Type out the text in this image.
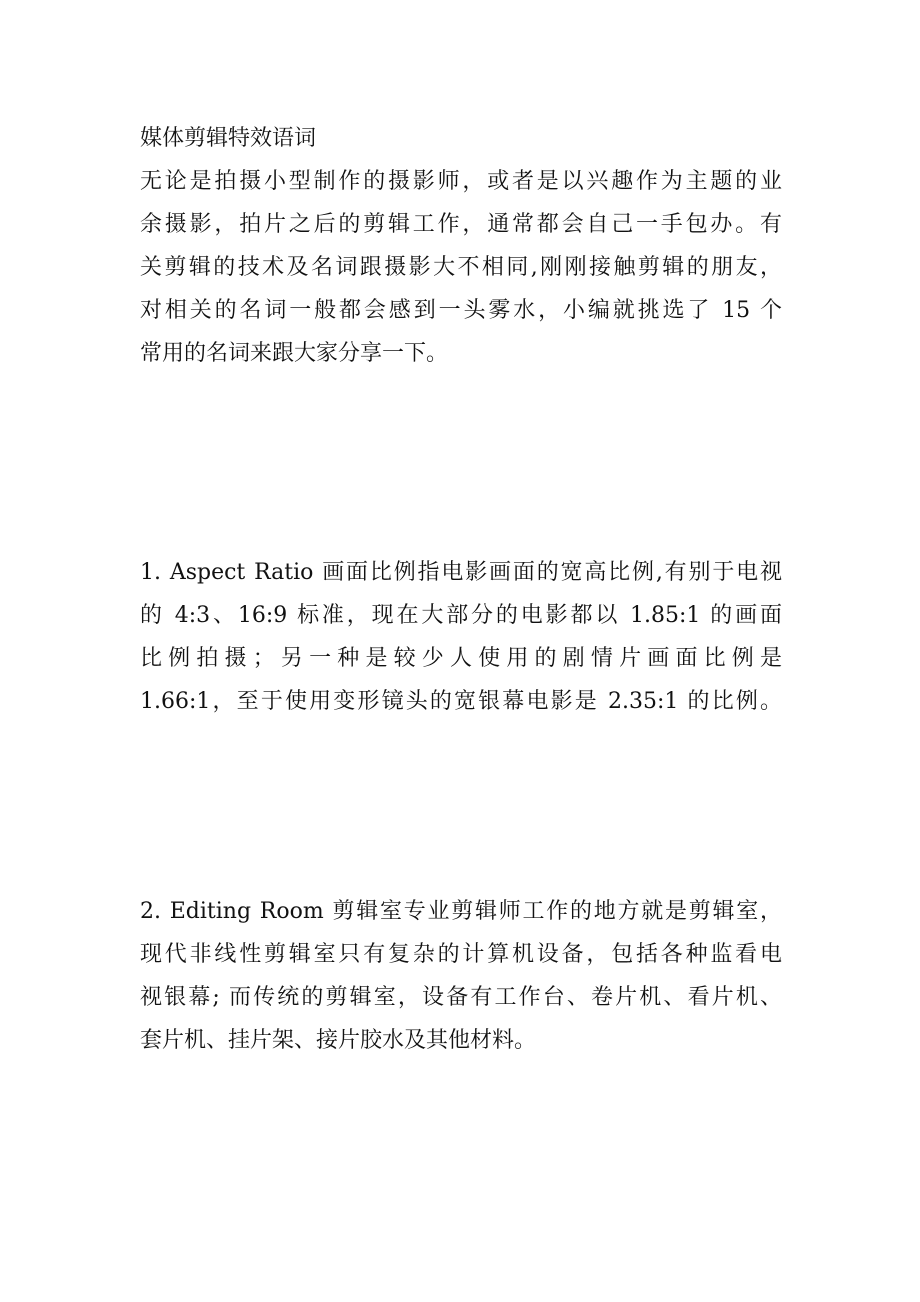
媒体剪辑特效语词

无论是拍摄小型制作的摄影师，或者是以兴趣作为主题的业
余摄影，拍片之后的剪辑工作，通常都会自己一手包办。有
关剪辑的技术及名词跟摄影大不相同,刚刚接触剪辑的朋友，
对相关的名词一般都会感到一头雾水，小编就挑选了 15 个
常用的名词来跟大家分享一下。

1. Aspect Ratio 画面比例指电影画面的宽高比例,有别于电视
的 4:3、16:9 标准，现在大部分的电影都以 1.85:1 的画面
比例拍摄；另一种是较少人使用的剧情片画面比例是
1.66:1，至于使用变形镜头的宽银幕电影是 2.35:1 的比例。

2. Editing Room 剪辑室专业剪辑师工作的地方就是剪辑室，
现代非线性剪辑室只有复杂的计算机设备，包括各种监看电
视银幕; 而传统的剪辑室，设备有工作台、卷片机、看片机、
套片机、挂片架、接片胶水及其他材料。
